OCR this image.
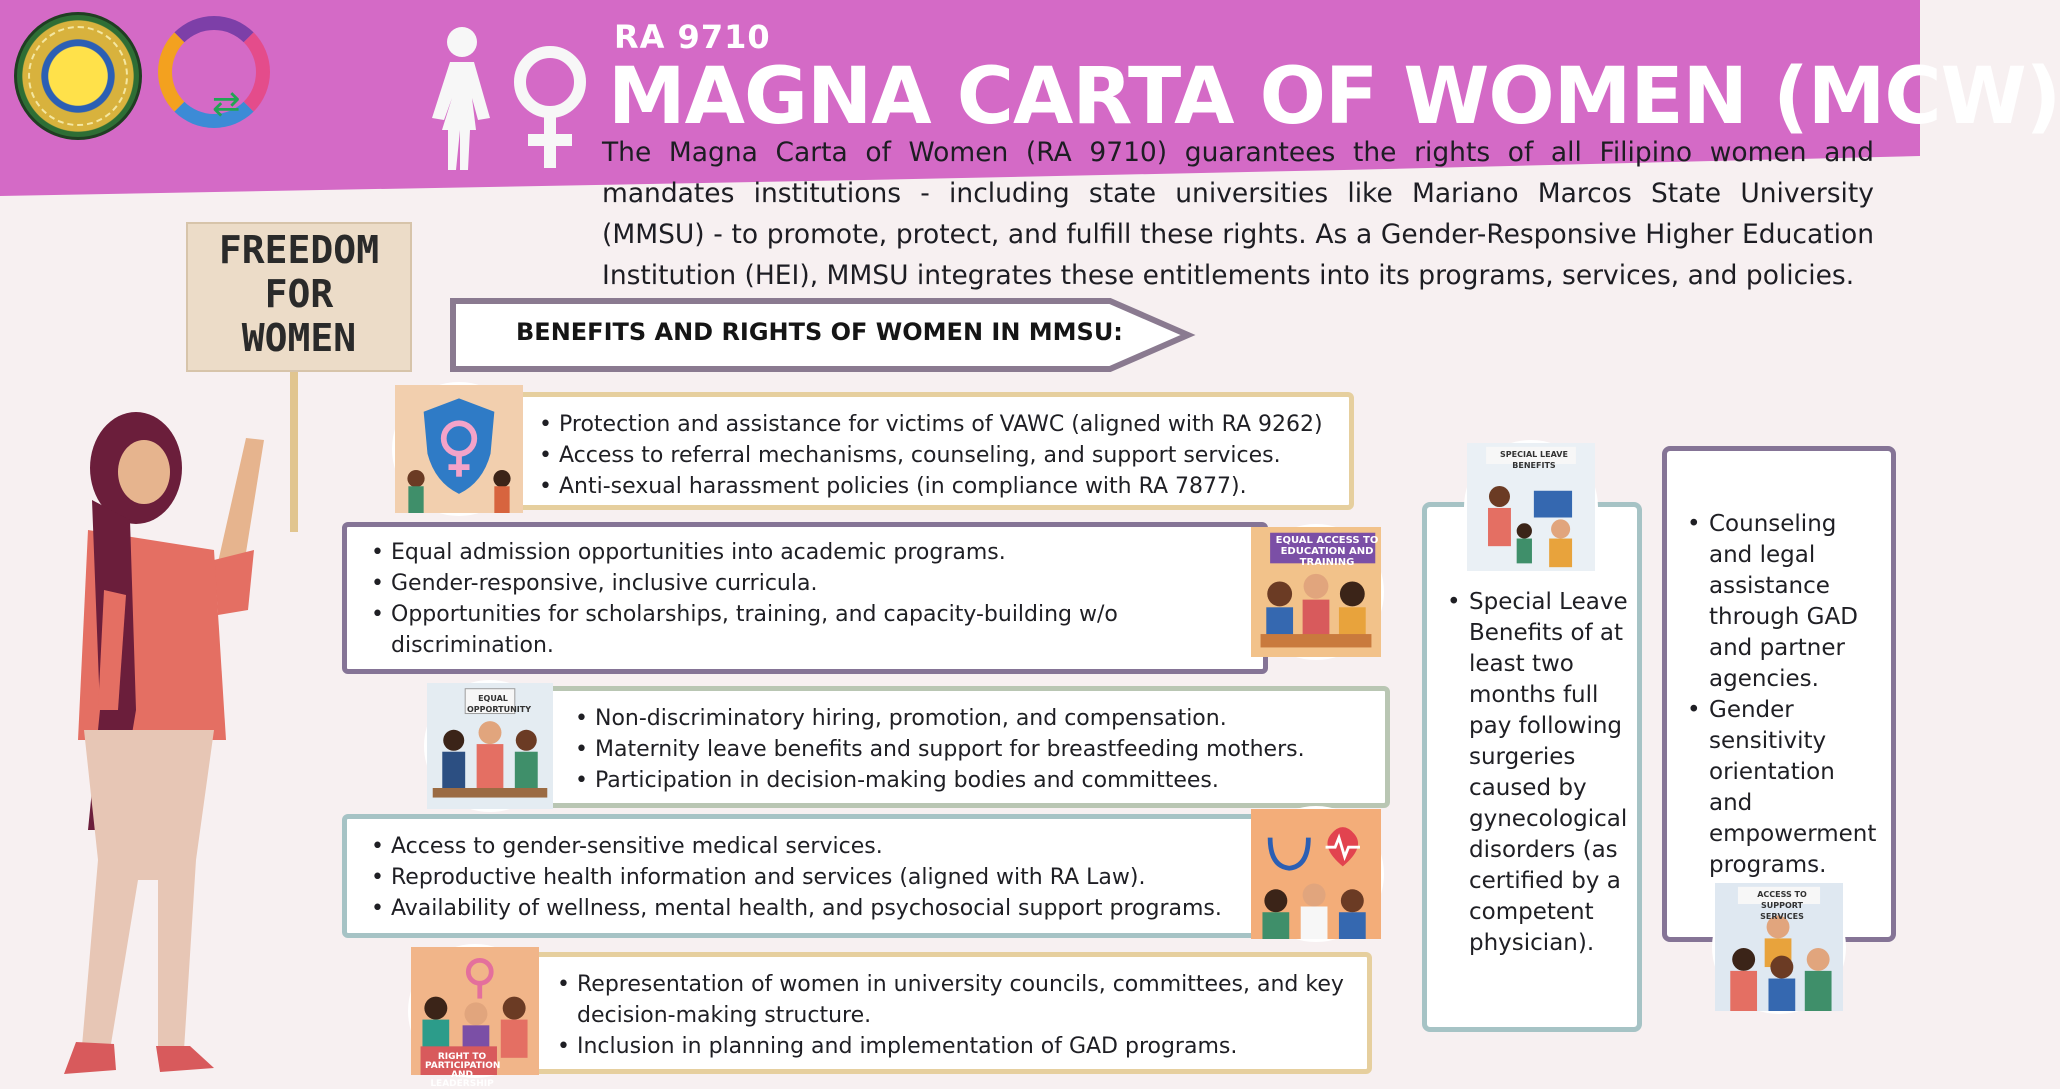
⇄
RA 9710
MAGNA CARTA OF WOMEN (MCW)
The Magna Carta of Women (RA 9710) guarantees the rights of all Filipino women and mandates institutions - including state universities like Mariano Marcos State University (MMSU) - to promote, protect, and fulfill these rights. As a Gender-Responsive Higher Education Institution (HEI), MMSU integrates these entitlements into its programs, services, and policies.
FREEDOM
FOR
WOMEN	BENEFITS AND RIGHTS OF WOMEN IN MMSU:
• Protection and assistance for victims of VAWC (aligned with RA 9262)
• Access to referral mechanisms, counseling, and support services.
• Anti-sexual harassment policies (in compliance with RA 7877).
• Equal admission opportunities into academic programs.
• Gender-responsive, inclusive curricula.
• Opportunities for scholarships, training, and capacity-building w/o discrimination.
EQUAL ACCESS TO EDUCATION AND TRAINING
• Non-discriminatory hiring, promotion, and compensation.
• Maternity leave benefits and support for breastfeeding mothers.
• Participation in decision-making bodies and committees.
EQUAL OPPORTUNITY
• Access to gender-sensitive medical services.
• Reproductive health information and services (aligned with RA Law).
• Availability of wellness, mental health, and psychosocial support programs.
• Representation of women in university councils, committees, and key decision-making structure.
• Inclusion in planning and implementation of GAD programs.
RIGHT TO PARTICIPATION AND LEADERSHIP
• Special Leave Benefits of at least two months full pay following surgeries caused by gynecological disorders (as certified by a competent physician).
SPECIAL LEAVE BENEFITS
• Counseling and legal assistance through GAD and partner agencies.
• Gender sensitivity orientation and empowerment programs.
ACCESS TO SUPPORT SERVICES
